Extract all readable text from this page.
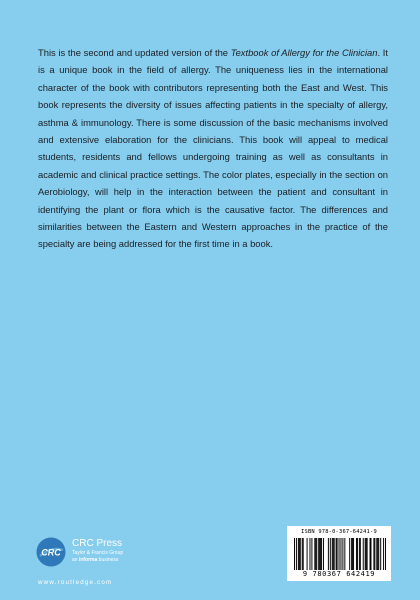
This is the second and updated version of the Textbook of Allergy for the Clinician. It is a unique book in the field of allergy. The uniqueness lies in the international character of the book with contributors representing both the East and West. This book represents the diversity of issues affecting patients in the specialty of allergy, asthma & immunology. There is some discussion of the basic mechanisms involved and extensive elaboration for the clinicians. This book will appeal to medical students, residents and fellows undergoing training as well as consultants in academic and clinical practice settings. The color plates, especially in the section on Aerobiology, will help in the interaction between the patient and consultant in identifying the plant or flora which is the causative factor. The differences and similarities between the Eastern and Western approaches in the practice of the specialty are being addressed for the first time in a book.

CRC
CRC Press
Taylor & Francis Group
an informa business
www.routledge.com
ISBN 978-0-367-64241-9
9 780367 642419
